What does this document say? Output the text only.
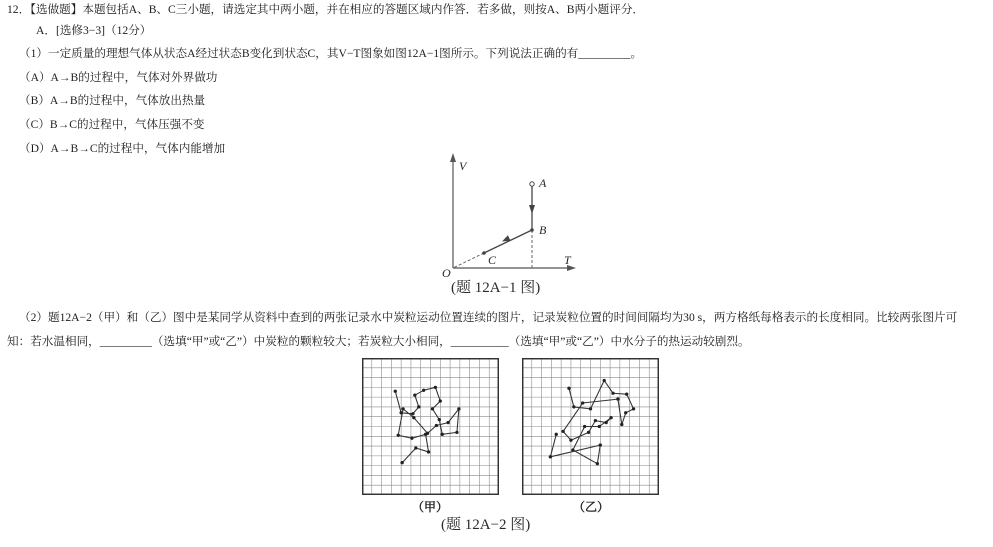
12．【选做题】本题包括A、B、C三小题，请选定其中两小题，并在相应的答题区域内作答．若多做，则按A、B两小题评分．
A．[选修3−3]（12分）
（1）一定质量的理想气体从状态A经过状态B变化到状态C，其V−T图象如图12A−1图所示。下列说法正确的有_________。
（A）A→B的过程中，气体对外界做功
（B）A→B的过程中，气体放出热量
（C）B→C的过程中，气体压强不变
（D）A→B→C的过程中，气体内能增加
V
T
O
A
B
C
(题 12A−1 图)
（2）题12A−2（甲）和（乙）图中是某同学从资料中查到的两张记录水中炭粒运动位置连续的图片，记录炭粒位置的时间间隔均为30 s，两方格纸每格表示的长度相同。比较两张图片可
知：若水温相同，_________（选填“甲”或“乙”）中炭粒的颗粒较大；若炭粒大小相同，__________（选填“甲”或“乙”）中水分子的热运动较剧烈。
（甲）	（乙）
(题 12A−2 图)
